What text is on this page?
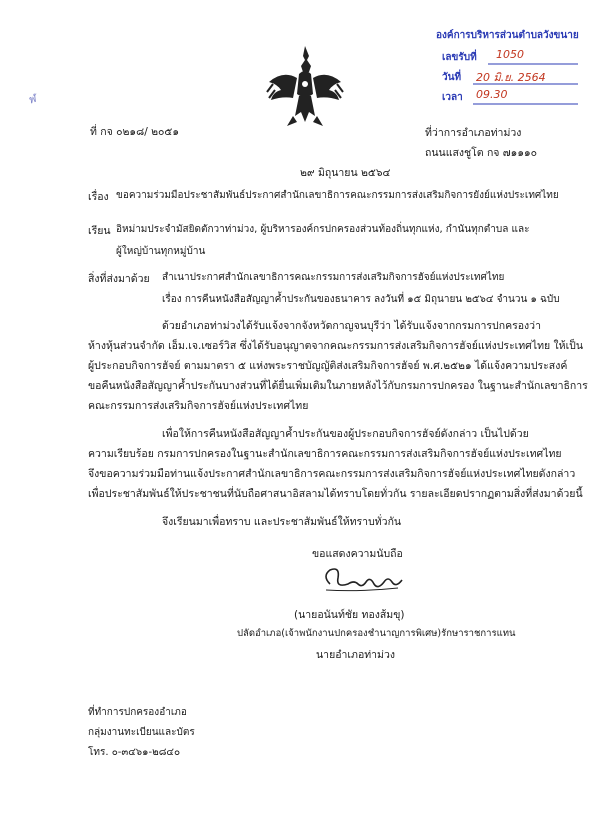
ฬ
องค์การบริหารส่วนตำบลวังขนาย
เลขรับที่ 1050
วันที่ 20 มิ.ย. 2564
เวลา 09.30
ที่ กจ ๐๒๑๘/ ๒๐๕๑	ที่ว่าการอำเภอท่าม่วง
ถนนแสงชูโต กจ ๗๑๑๑๐
๒๙ มิถุนายน ๒๕๖๔
เรื่อง ขอความร่วมมือประชาสัมพันธ์ประกาศสำนักเลขาธิการคณะกรรมการส่งเสริมกิจการยังย์แห่งประเทศไทย
เรียน อิหม่ามประจำมัสยิดตักวาท่าม่วง, ผู้บริหารองค์กรปกครองส่วนท้องถิ่นทุกแห่ง, กำนันทุกตำบล และ
ผู้ใหญ่บ้านทุกหมู่บ้าน
สิ่งที่ส่งมาด้วย สำเนาประกาศสำนักเลขาธิการคณะกรรมการส่งเสริมกิจการฮัจย์แห่งประเทศไทย
เรื่อง การคืนหนังสือสัญญาค้ำประกันของธนาคาร ลงวันที่ ๑๕ มิถุนายน ๒๕๖๔ จำนวน ๑ ฉบับ
ด้วยอำเภอท่าม่วงได้รับแจ้งจากจังหวัดกาญจนบุรีว่า ได้รับแจ้งจากกรมการปกครองว่า
ห้างหุ้นส่วนจำกัด เอ็ม.เจ.เซอร์วิส ซึ่งได้รับอนุญาตจากคณะกรรมการส่งเสริมกิจการฮัจย์แห่งประเทศไทย ให้เป็น
ผู้ประกอบกิจการฮัจย์ ตามมาตรา ๕ แห่งพระราชบัญญัติส่งเสริมกิจการฮัจย์ พ.ศ.๒๕๒๑ ได้แจ้งความประสงค์
ขอคืนหนังสือสัญญาค้ำประกันบางส่วนที่ได้ยื่นเพิ่มเติมในภายหลังไว้กับกรมการปกครอง ในฐานะสำนักเลขาธิการ
คณะกรรมการส่งเสริมกิจการฮัจย์แห่งประเทศไทย
เพื่อให้การคืนหนังสือสัญญาค้ำประกันของผู้ประกอบกิจการฮัจย์ดังกล่าว เป็นไปด้วย
ความเรียบร้อย กรมการปกครองในฐานะสำนักเลขาธิการคณะกรรมการส่งเสริมกิจการฮัจย์แห่งประเทศไทย
จึงขอความร่วมมือท่านแจ้งประกาศสำนักเลขาธิการคณะกรรมการส่งเสริมกิจการฮัจย์แห่งประเทศไทยดังกล่าว
เพื่อประชาสัมพันธ์ให้ประชาชนที่นับถือศาสนาอิสลามได้ทราบโดยทั่วกัน รายละเอียดปรากฏตามสิ่งที่ส่งมาด้วยนี้
จึงเรียนมาเพื่อทราบ และประชาสัมพันธ์ให้ทราบทั่วกัน
ขอแสดงความนับถือ
(นายอนันท์ชัย ทองส้มขุ)
ปลัดอำเภอ(เจ้าพนักงานปกครองชำนาญการพิเศษ)รักษาราชการแทน
นายอำเภอท่าม่วง
ที่ทำการปกครองอำเภอ
กลุ่มงานทะเบียนและบัตร
โทร. ๐-๓๔๖๑-๒๘๔๐
